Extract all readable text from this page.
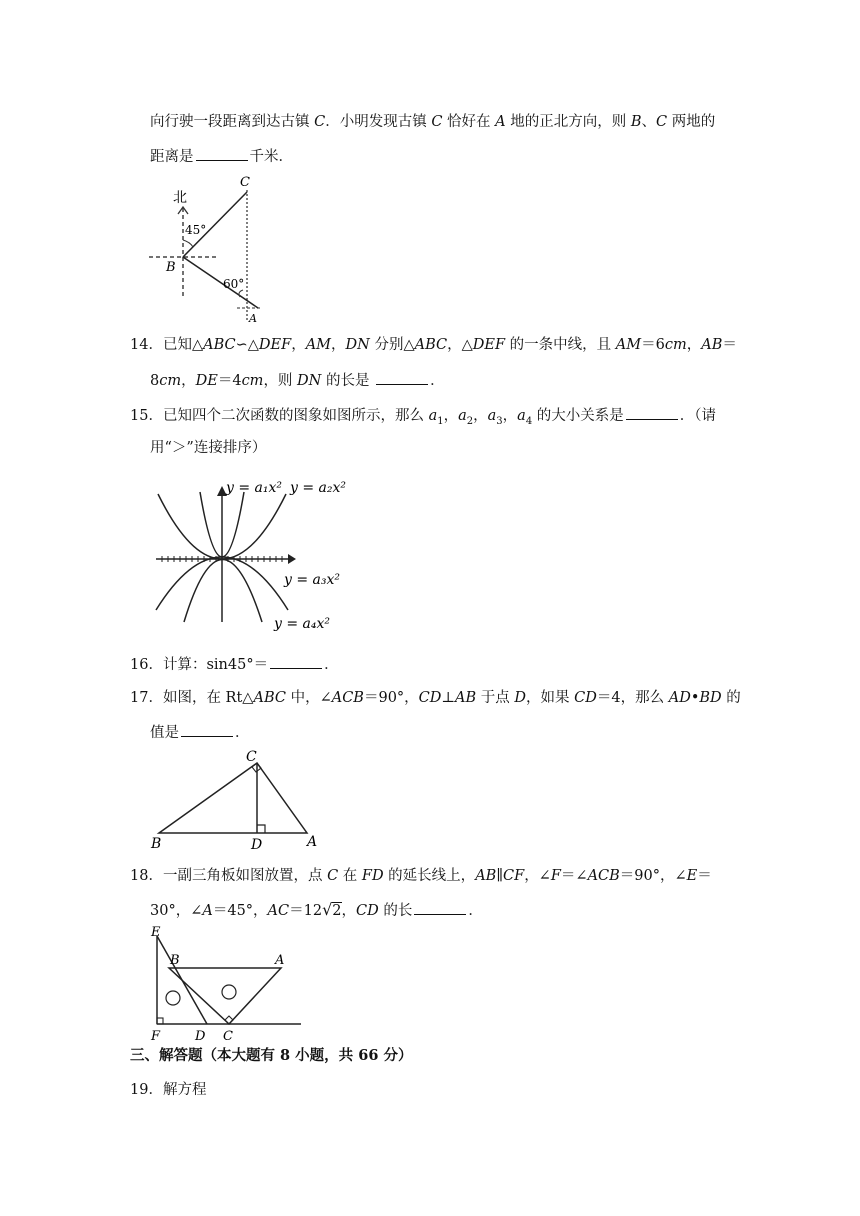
向行驶一段距离到达古镇 C．小明发现古镇 C 恰好在 A 地的正北方向，则 B、C 两地的
距离是	千米．
北
45°
60°
B
C
A
14．已知△ABC∽△DEF，AM，DN 分别△ABC，△DEF 的一条中线，且 AM＝6cm，AB＝
8cm，DE＝4cm，则 DN 的长是	．
15．已知四个二次函数的图象如图所示，那么 $a_1$，$a_2$，$a_3$，$a_4$ 的大小关系是	．（请
用“＞”连接排序）
y = a₁x² y = a₂x²
y = a₃x²
y = a₄x²
16．计算：sin45°＝	．
17．如图，在 Rt△ABC 中，∠ACB＝90°，CD⊥AB 于点 D，如果 CD＝4，那么 AD•BD 的
值是	．
C
B	D	A
18．一副三角板如图放置，点 C 在 FD 的延长线上，AB∥CF，∠F＝∠ACB＝90°，∠E＝
30°，∠A＝45°，AC＝12√2，CD 的长	．
E
B	A
F	D C
三、解答题（本大题有 8 小题，共 66 分）
19．解方程
